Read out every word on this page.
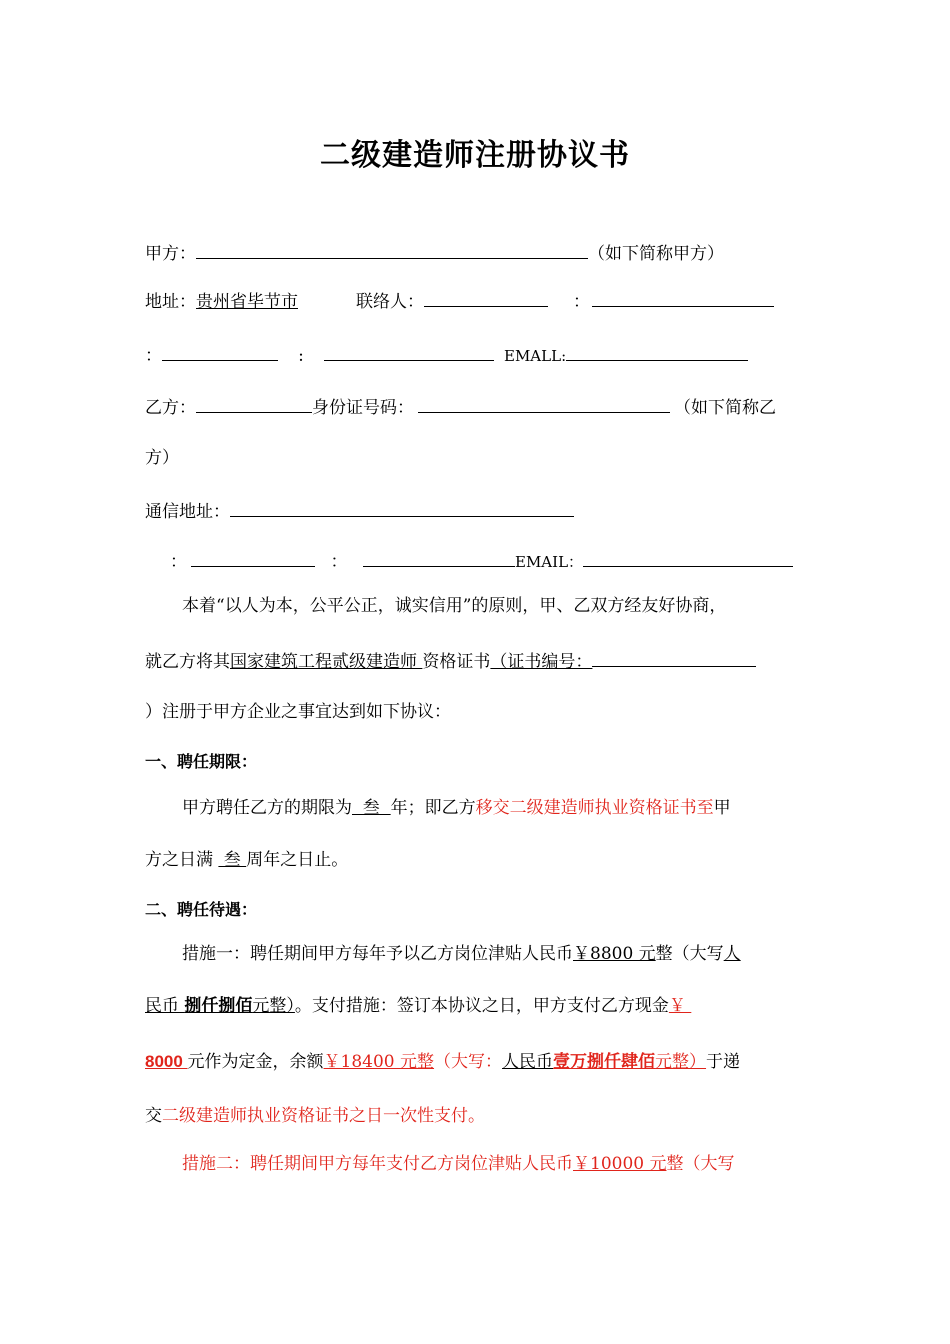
二级建造师注册协议书
甲方：	（如下简称甲方）
地址：贵州省毕节市	联络人：	：
：	:	EMALL:
乙方：	身份证号码：	（如下简称乙
方）
通信地址：
：	：	EMAIL：
本着“以人为本，公平公正，诚实信用”的原则，甲、乙双方经友好协商，
就乙方将其国家建筑工程贰级建造师 资格证书（证书编号：
）注册于甲方企业之事宜达到如下协议：
一、聘任期限：
甲方聘任乙方的期限为  叁  年；即乙方移交二级建造师执业资格证书至甲
方之日满  叁 周年之日止。
二、聘任待遇：
措施一：聘任期间甲方每年予以乙方岗位津贴人民币￥8800 元整（大写人
民币 捌仟捌佰元整）。支付措施：签订本协议之日，甲方支付乙方现金￥
8000 元作为定金，余额￥18400 元整（大写：人民币壹万捌仟肆佰元整）于递
交二级建造师执业资格证书之日一次性支付。
措施二：聘任期间甲方每年支付乙方岗位津贴人民币￥10000 元整（大写
